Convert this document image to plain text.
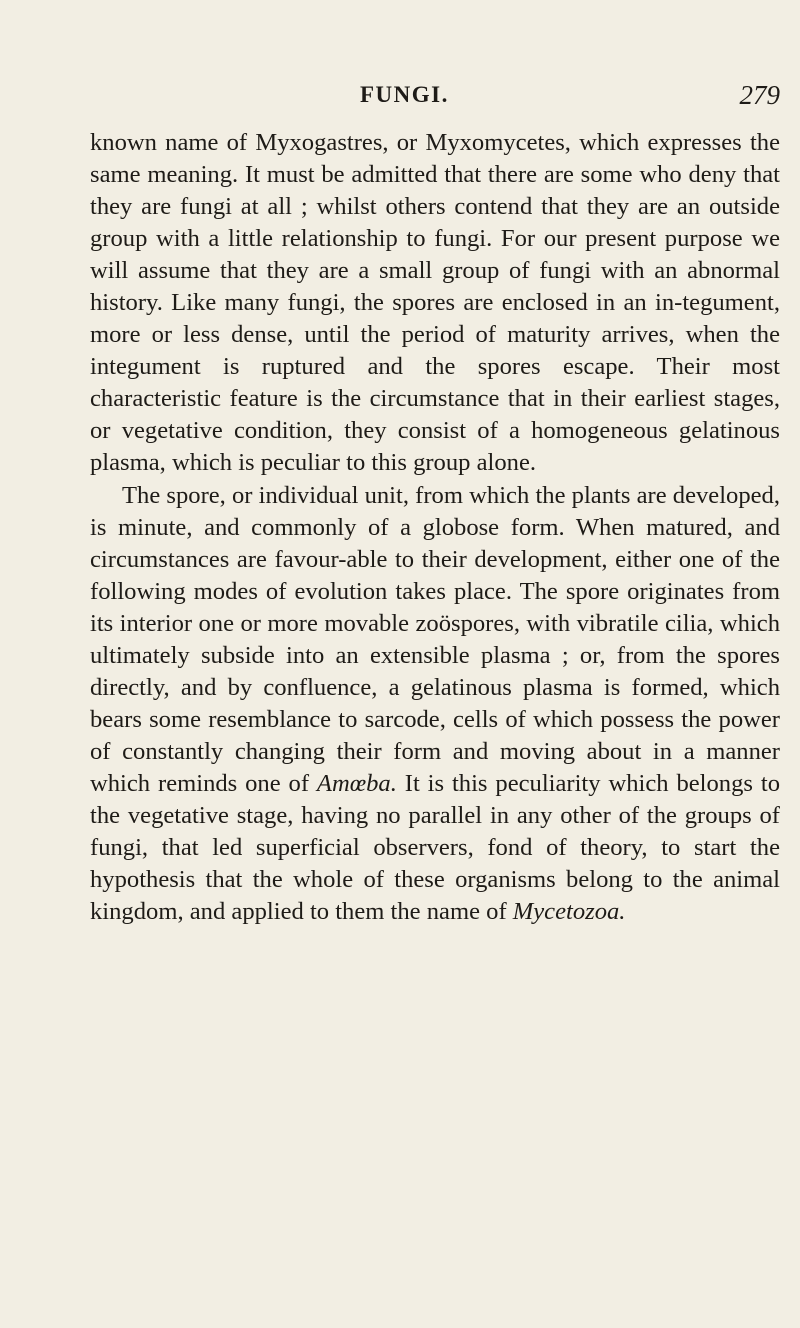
FUNGI.	279

known name of Myxogastres, or Myxomycetes, which expresses the same meaning. It must be admitted that there are some who deny that they are fungi at all ; whilst others contend that they are an outside group with a little relationship to fungi. For our present purpose we will assume that they are a small group of fungi with an abnormal history. Like many fungi, the spores are enclosed in an in-tegument, more or less dense, until the period of maturity arrives, when the integument is ruptured and the spores escape. Their most characteristic feature is the circumstance that in their earliest stages, or vegetative condition, they consist of a homogeneous gelatinous plasma, which is peculiar to this group alone.

The spore, or individual unit, from which the plants are developed, is minute, and commonly of a globose form. When matured, and circumstances are favour-able to their development, either one of the following modes of evolution takes place. The spore originates from its interior one or more movable zoöspores, with vibratile cilia, which ultimately subside into an extensible plasma ; or, from the spores directly, and by confluence, a gelatinous plasma is formed, which bears some resemblance to sarcode, cells of which possess the power of constantly changing their form and moving about in a manner which reminds one of Amœba. It is this peculiarity which belongs to the vegetative stage, having no parallel in any other of the groups of fungi, that led superficial observers, fond of theory, to start the hypothesis that the whole of these organisms belong to the animal kingdom, and applied to them the name of Mycetozoa.
